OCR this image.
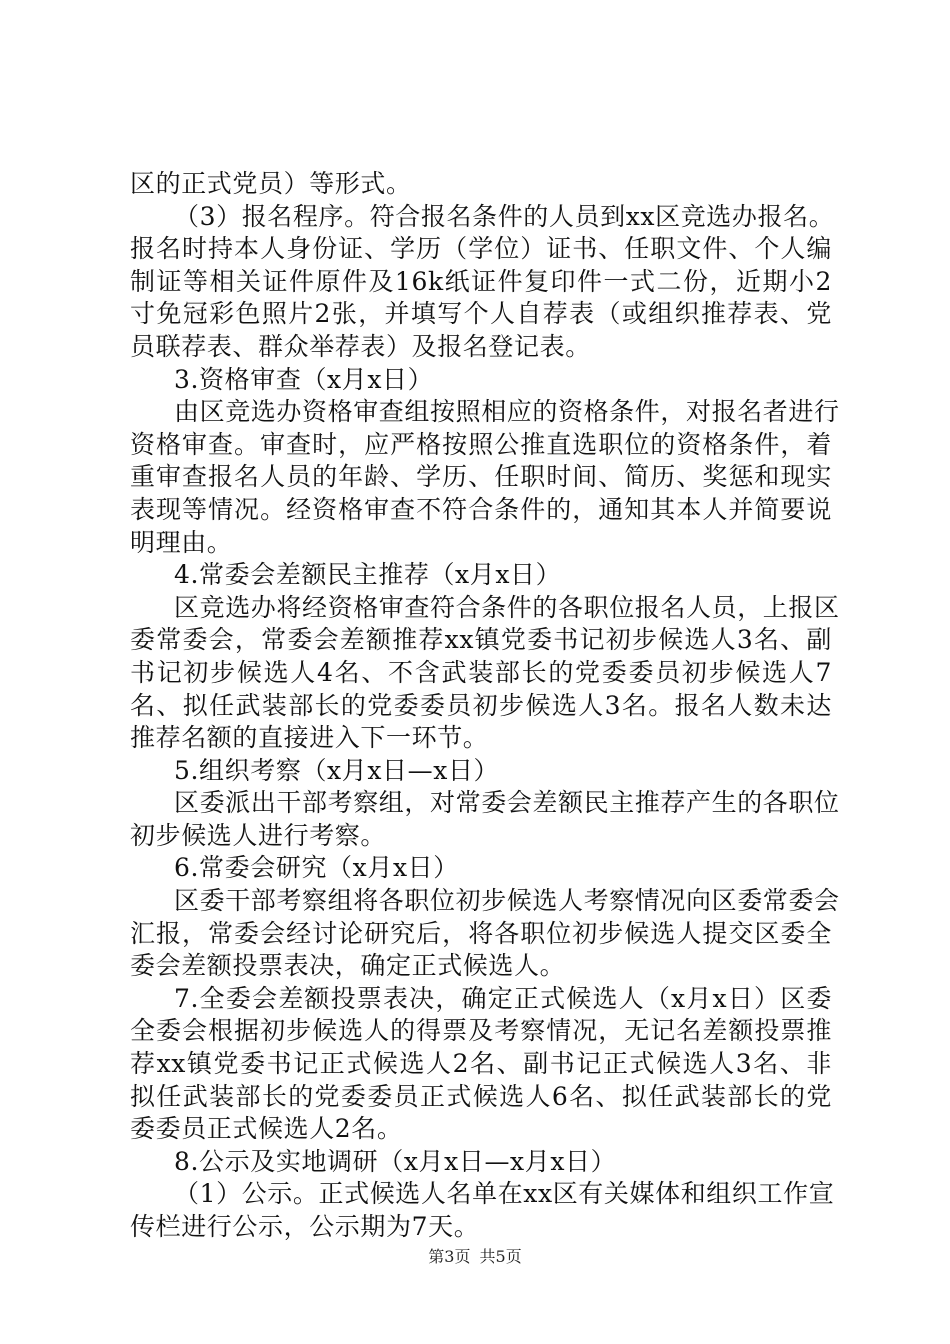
区的正式党员）等形式。
（3）报名程序。符合报名条件的人员到xx区竞选办报名。
报名时持本人身份证、学历（学位）证书、任职文件、个人编
制证等相关证件原件及16k纸证件复印件一式二份，近期小2
寸免冠彩色照片2张，并填写个人自荐表（或组织推荐表、党
员联荐表、群众举荐表）及报名登记表。
3.资格审查（x月x日）
由区竞选办资格审查组按照相应的资格条件，对报名者进行
资格审查。审查时，应严格按照公推直选职位的资格条件，着
重审查报名人员的年龄、学历、任职时间、简历、奖惩和现实
表现等情况。经资格审查不符合条件的，通知其本人并简要说
明理由。
4.常委会差额民主推荐（x月x日）
区竞选办将经资格审查符合条件的各职位报名人员，上报区
委常委会，常委会差额推荐xx镇党委书记初步候选人3名、副
书记初步候选人4名、不含武装部长的党委委员初步候选人7
名、拟任武装部长的党委委员初步候选人3名。报名人数未达
推荐名额的直接进入下一环节。
5.组织考察（x月x日—x日）
区委派出干部考察组，对常委会差额民主推荐产生的各职位
初步候选人进行考察。
6.常委会研究（x月x日）
区委干部考察组将各职位初步候选人考察情况向区委常委会
汇报，常委会经讨论研究后，将各职位初步候选人提交区委全
委会差额投票表决，确定正式候选人。
7.全委会差额投票表决，确定正式候选人（x月x日）区委
全委会根据初步候选人的得票及考察情况，无记名差额投票推
荐xx镇党委书记正式候选人2名、副书记正式候选人3名、非
拟任武装部长的党委委员正式候选人6名、拟任武装部长的党
委委员正式候选人2名。
8.公示及实地调研（x月x日—x月x日）
（1）公示。正式候选人名单在xx区有关媒体和组织工作宣
传栏进行公示，公示期为7天。
第3页 共5页
